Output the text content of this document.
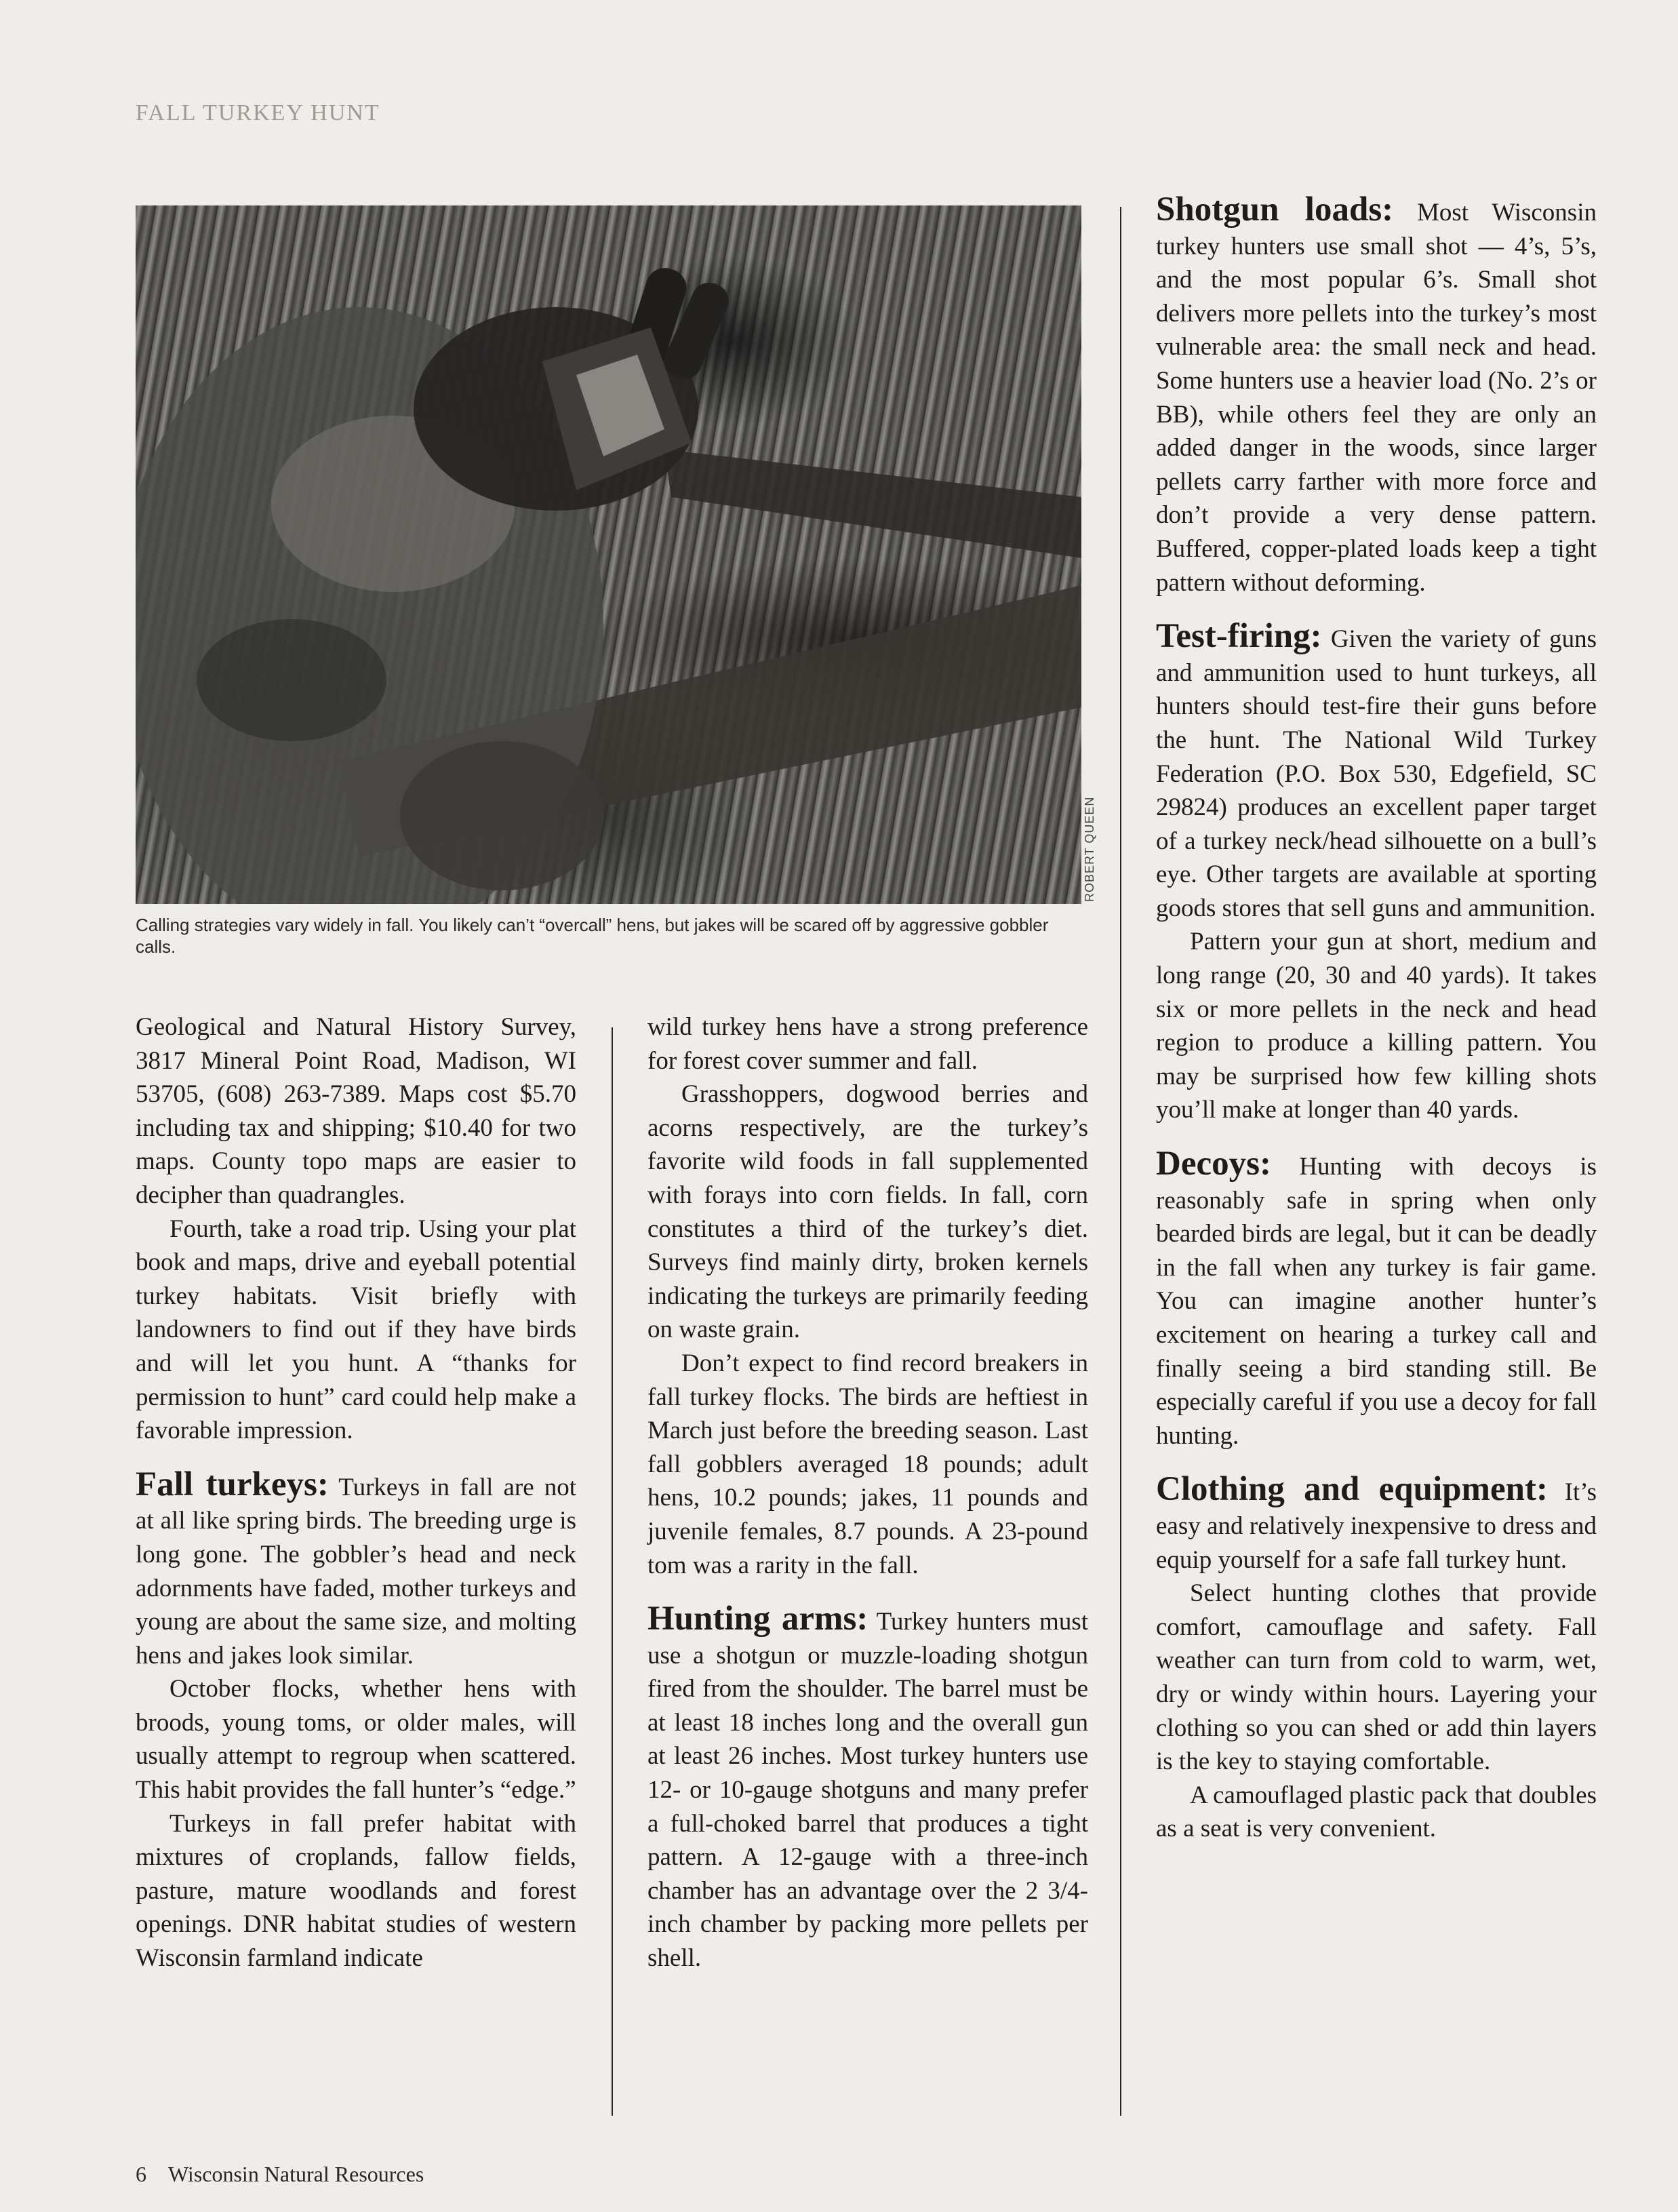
FALL TURKEY HUNT
ROBERT QUEEN
Calling strategies vary widely in fall. You likely can’t “overcall” hens, but jakes will be scared off by aggressive gobbler calls.

Geological and Natural History Survey, 3817 Mineral Point Road, Madison, WI 53705, (608) 263-7389. Maps cost $5.70 including tax and shipping; $10.40 for two maps. County topo maps are easier to decipher than quadrangles.

Fourth, take a road trip. Using your plat book and maps, drive and eyeball potential turkey habitats. Visit briefly with landowners to find out if they have birds and will let you hunt. A “thanks for permission to hunt” card could help make a favorable impression.

Fall turkeys: Turkeys in fall are not at all like spring birds. The breeding urge is long gone. The gobbler’s head and neck adornments have faded, mother turkeys and young are about the same size, and molting hens and jakes look similar.

October flocks, whether hens with broods, young toms, or older males, will usually attempt to regroup when scattered. This habit provides the fall hunter’s “edge.”

Turkeys in fall prefer habitat with mixtures of croplands, fallow fields, pasture, mature woodlands and forest openings. DNR habitat studies of western Wisconsin farmland indicate

wild turkey hens have a strong preference for forest cover summer and fall.

Grasshoppers, dogwood berries and acorns respectively, are the turkey’s favorite wild foods in fall supplemented with forays into corn fields. In fall, corn constitutes a third of the turkey’s diet. Surveys find mainly dirty, broken kernels indicating the turkeys are primarily feeding on waste grain.

Don’t expect to find record breakers in fall turkey flocks. The birds are heftiest in March just before the breeding season. Last fall gobblers averaged 18 pounds; adult hens, 10.2 pounds; jakes, 11 pounds and juvenile females, 8.7 pounds. A 23-pound tom was a rarity in the fall.

Hunting arms: Turkey hunters must use a shotgun or muzzle-loading shotgun fired from the shoulder. The barrel must be at least 18 inches long and the overall gun at least 26 inches. Most turkey hunters use 12- or 10-gauge shotguns and many prefer a full-choked barrel that produces a tight pattern. A 12-gauge with a three-inch chamber has an advantage over the 2 3/4-inch chamber by packing more pellets per shell.

Shotgun loads: Most Wisconsin turkey hunters use small shot — 4’s, 5’s, and the most popular 6’s. Small shot delivers more pellets into the turkey’s most vulnerable area: the small neck and head. Some hunters use a heavier load (No. 2’s or BB), while others feel they are only an added danger in the woods, since larger pellets carry farther with more force and don’t provide a very dense pattern. Buffered, copper-plated loads keep a tight pattern without deforming.

Test-firing: Given the variety of guns and ammunition used to hunt turkeys, all hunters should test-fire their guns before the hunt. The National Wild Turkey Federation (P.O. Box 530, Edgefield, SC 29824) produces an excellent paper target of a turkey neck/head silhouette on a bull’s eye. Other targets are available at sporting goods stores that sell guns and ammunition.

Pattern your gun at short, medium and long range (20, 30 and 40 yards). It takes six or more pellets in the neck and head region to produce a killing pattern. You may be surprised how few killing shots you’ll make at longer than 40 yards.

Decoys: Hunting with decoys is reasonably safe in spring when only bearded birds are legal, but it can be deadly in the fall when any turkey is fair game. You can imagine another hunter’s excitement on hearing a turkey call and finally seeing a bird standing still. Be especially careful if you use a decoy for fall hunting.

Clothing and equipment: It’s easy and relatively inexpensive to dress and equip yourself for a safe fall turkey hunt.

Select hunting clothes that provide comfort, camouflage and safety. Fall weather can turn from cold to warm, wet, dry or windy within hours. Layering your clothing so you can shed or add thin layers is the key to staying comfortable.

A camouflaged plastic pack that doubles as a seat is very convenient.

6 Wisconsin Natural Resources
